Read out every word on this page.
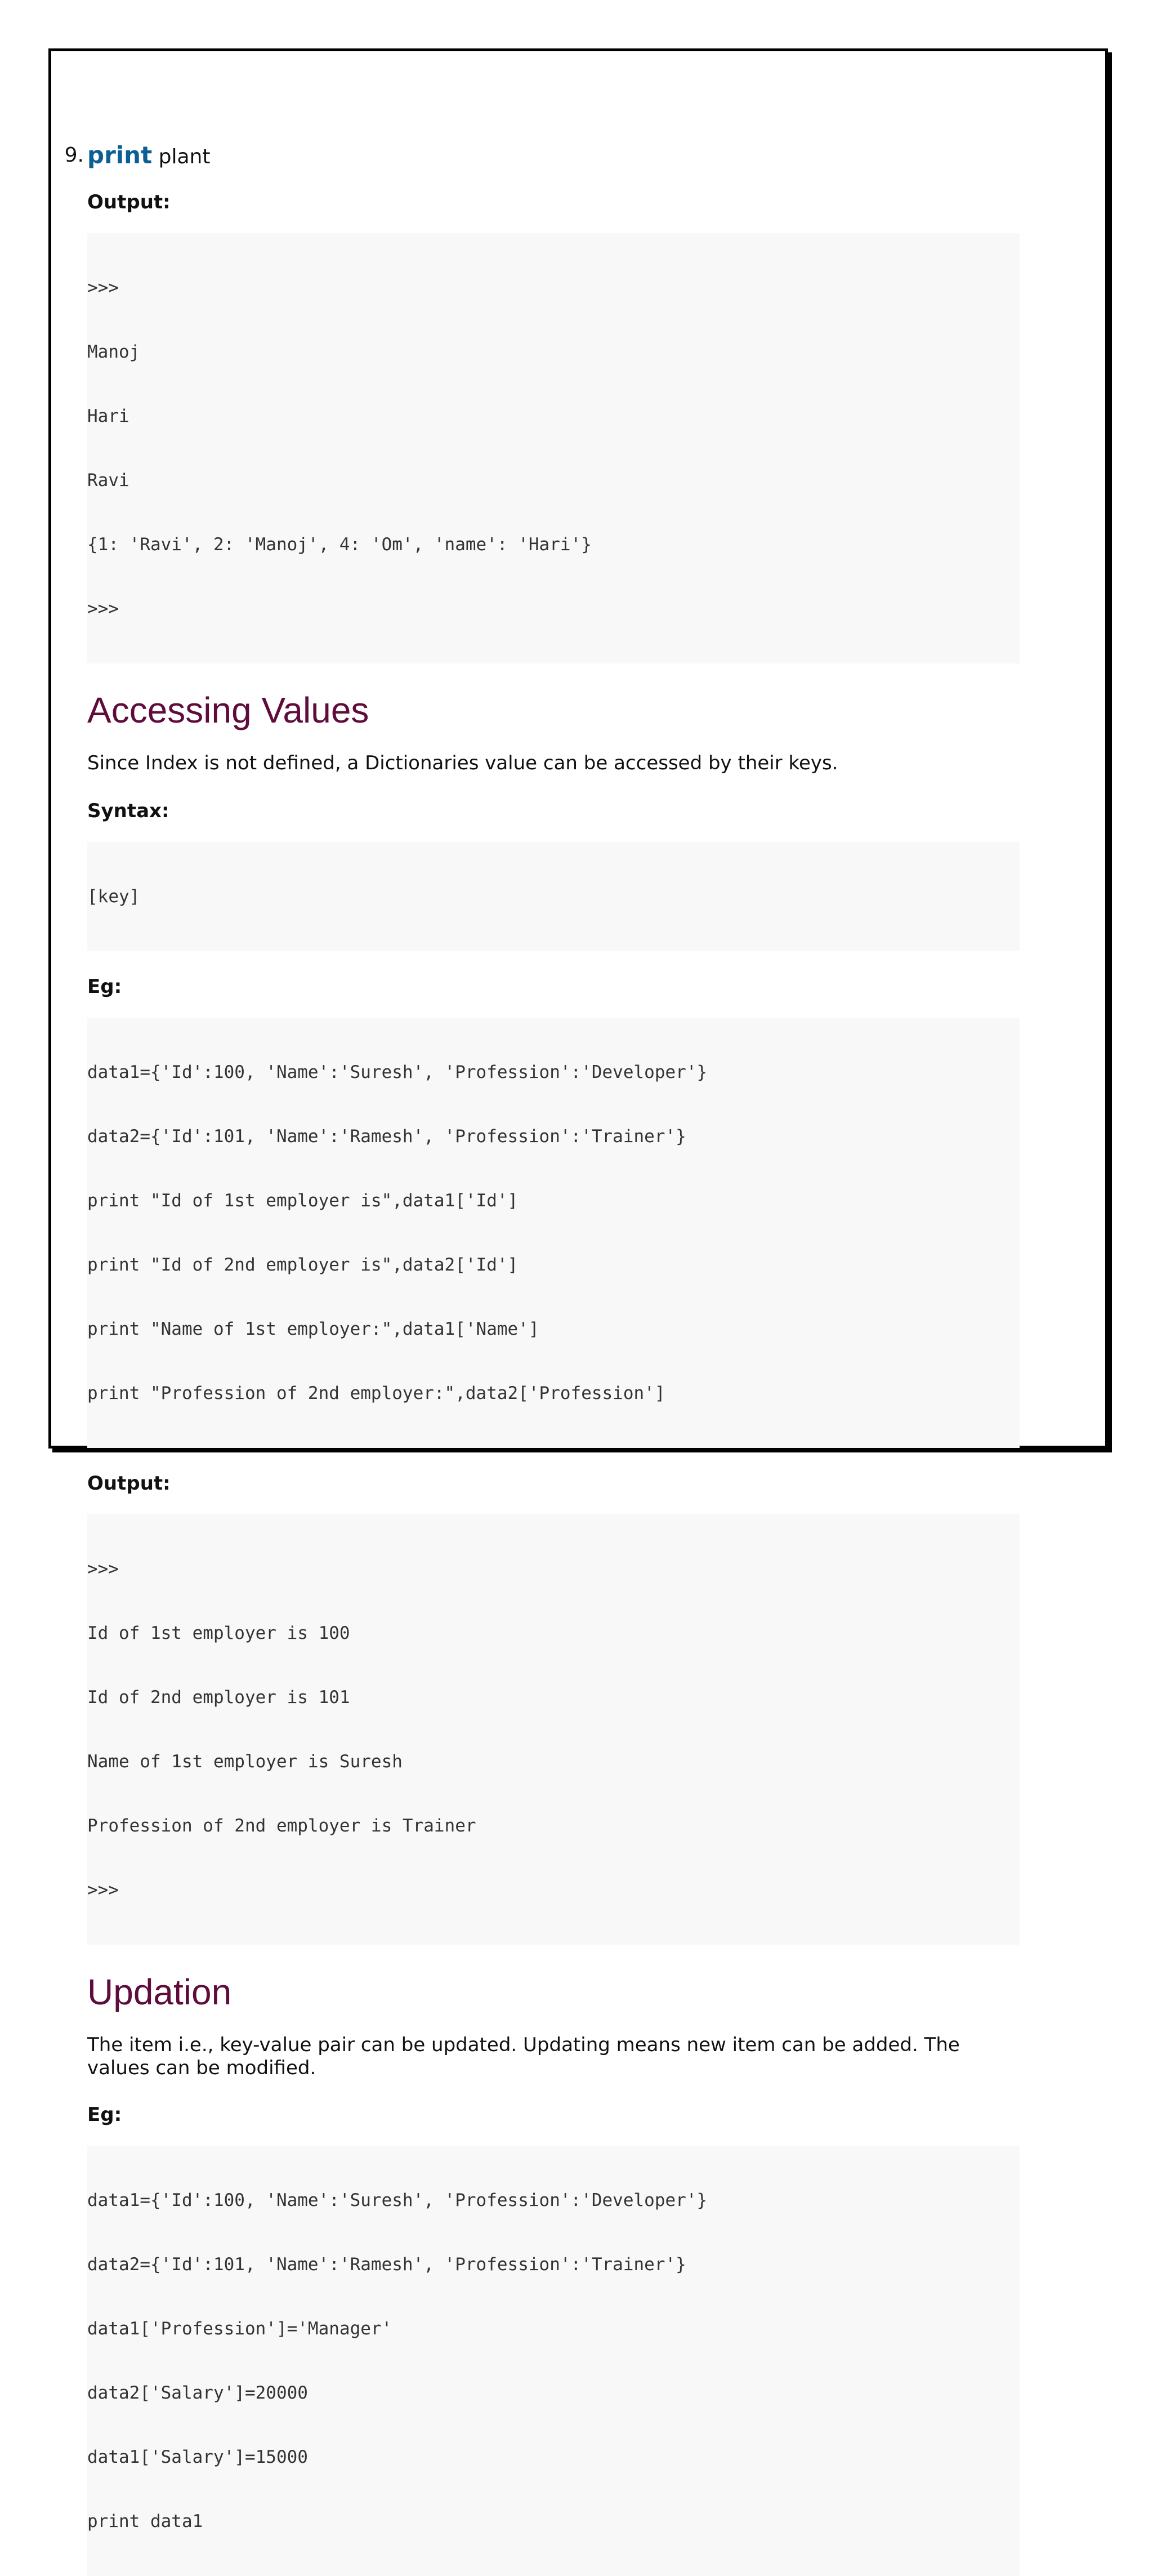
9. print plant

Output:

>>>

Manoj

Hari

Ravi

{1: 'Ravi', 2: 'Manoj', 4: 'Om', 'name': 'Hari'}

>>>

Accessing Values

Since Index is not defined, a Dictionaries value can be accessed by their keys.

Syntax:

[key]

Eg:

data1={'Id':100, 'Name':'Suresh', 'Profession':'Developer'}

data2={'Id':101, 'Name':'Ramesh', 'Profession':'Trainer'}

print "Id of 1st employer is",data1['Id']

print "Id of 2nd employer is",data2['Id']

print "Name of 1st employer:",data1['Name']

print "Profession of 2nd employer:",data2['Profession']

Output:

>>>

Id of 1st employer is 100

Id of 2nd employer is 101

Name of 1st employer is Suresh

Profession of 2nd employer is Trainer

>>>

Updation

The item i.e., key-value pair can be updated. Updating means new item can be added. The values can be modified.

Eg:

data1={'Id':100, 'Name':'Suresh', 'Profession':'Developer'}

data2={'Id':101, 'Name':'Ramesh', 'Profession':'Trainer'}

data1['Profession']='Manager'

data2['Salary']=20000

data1['Salary']=15000

print data1
